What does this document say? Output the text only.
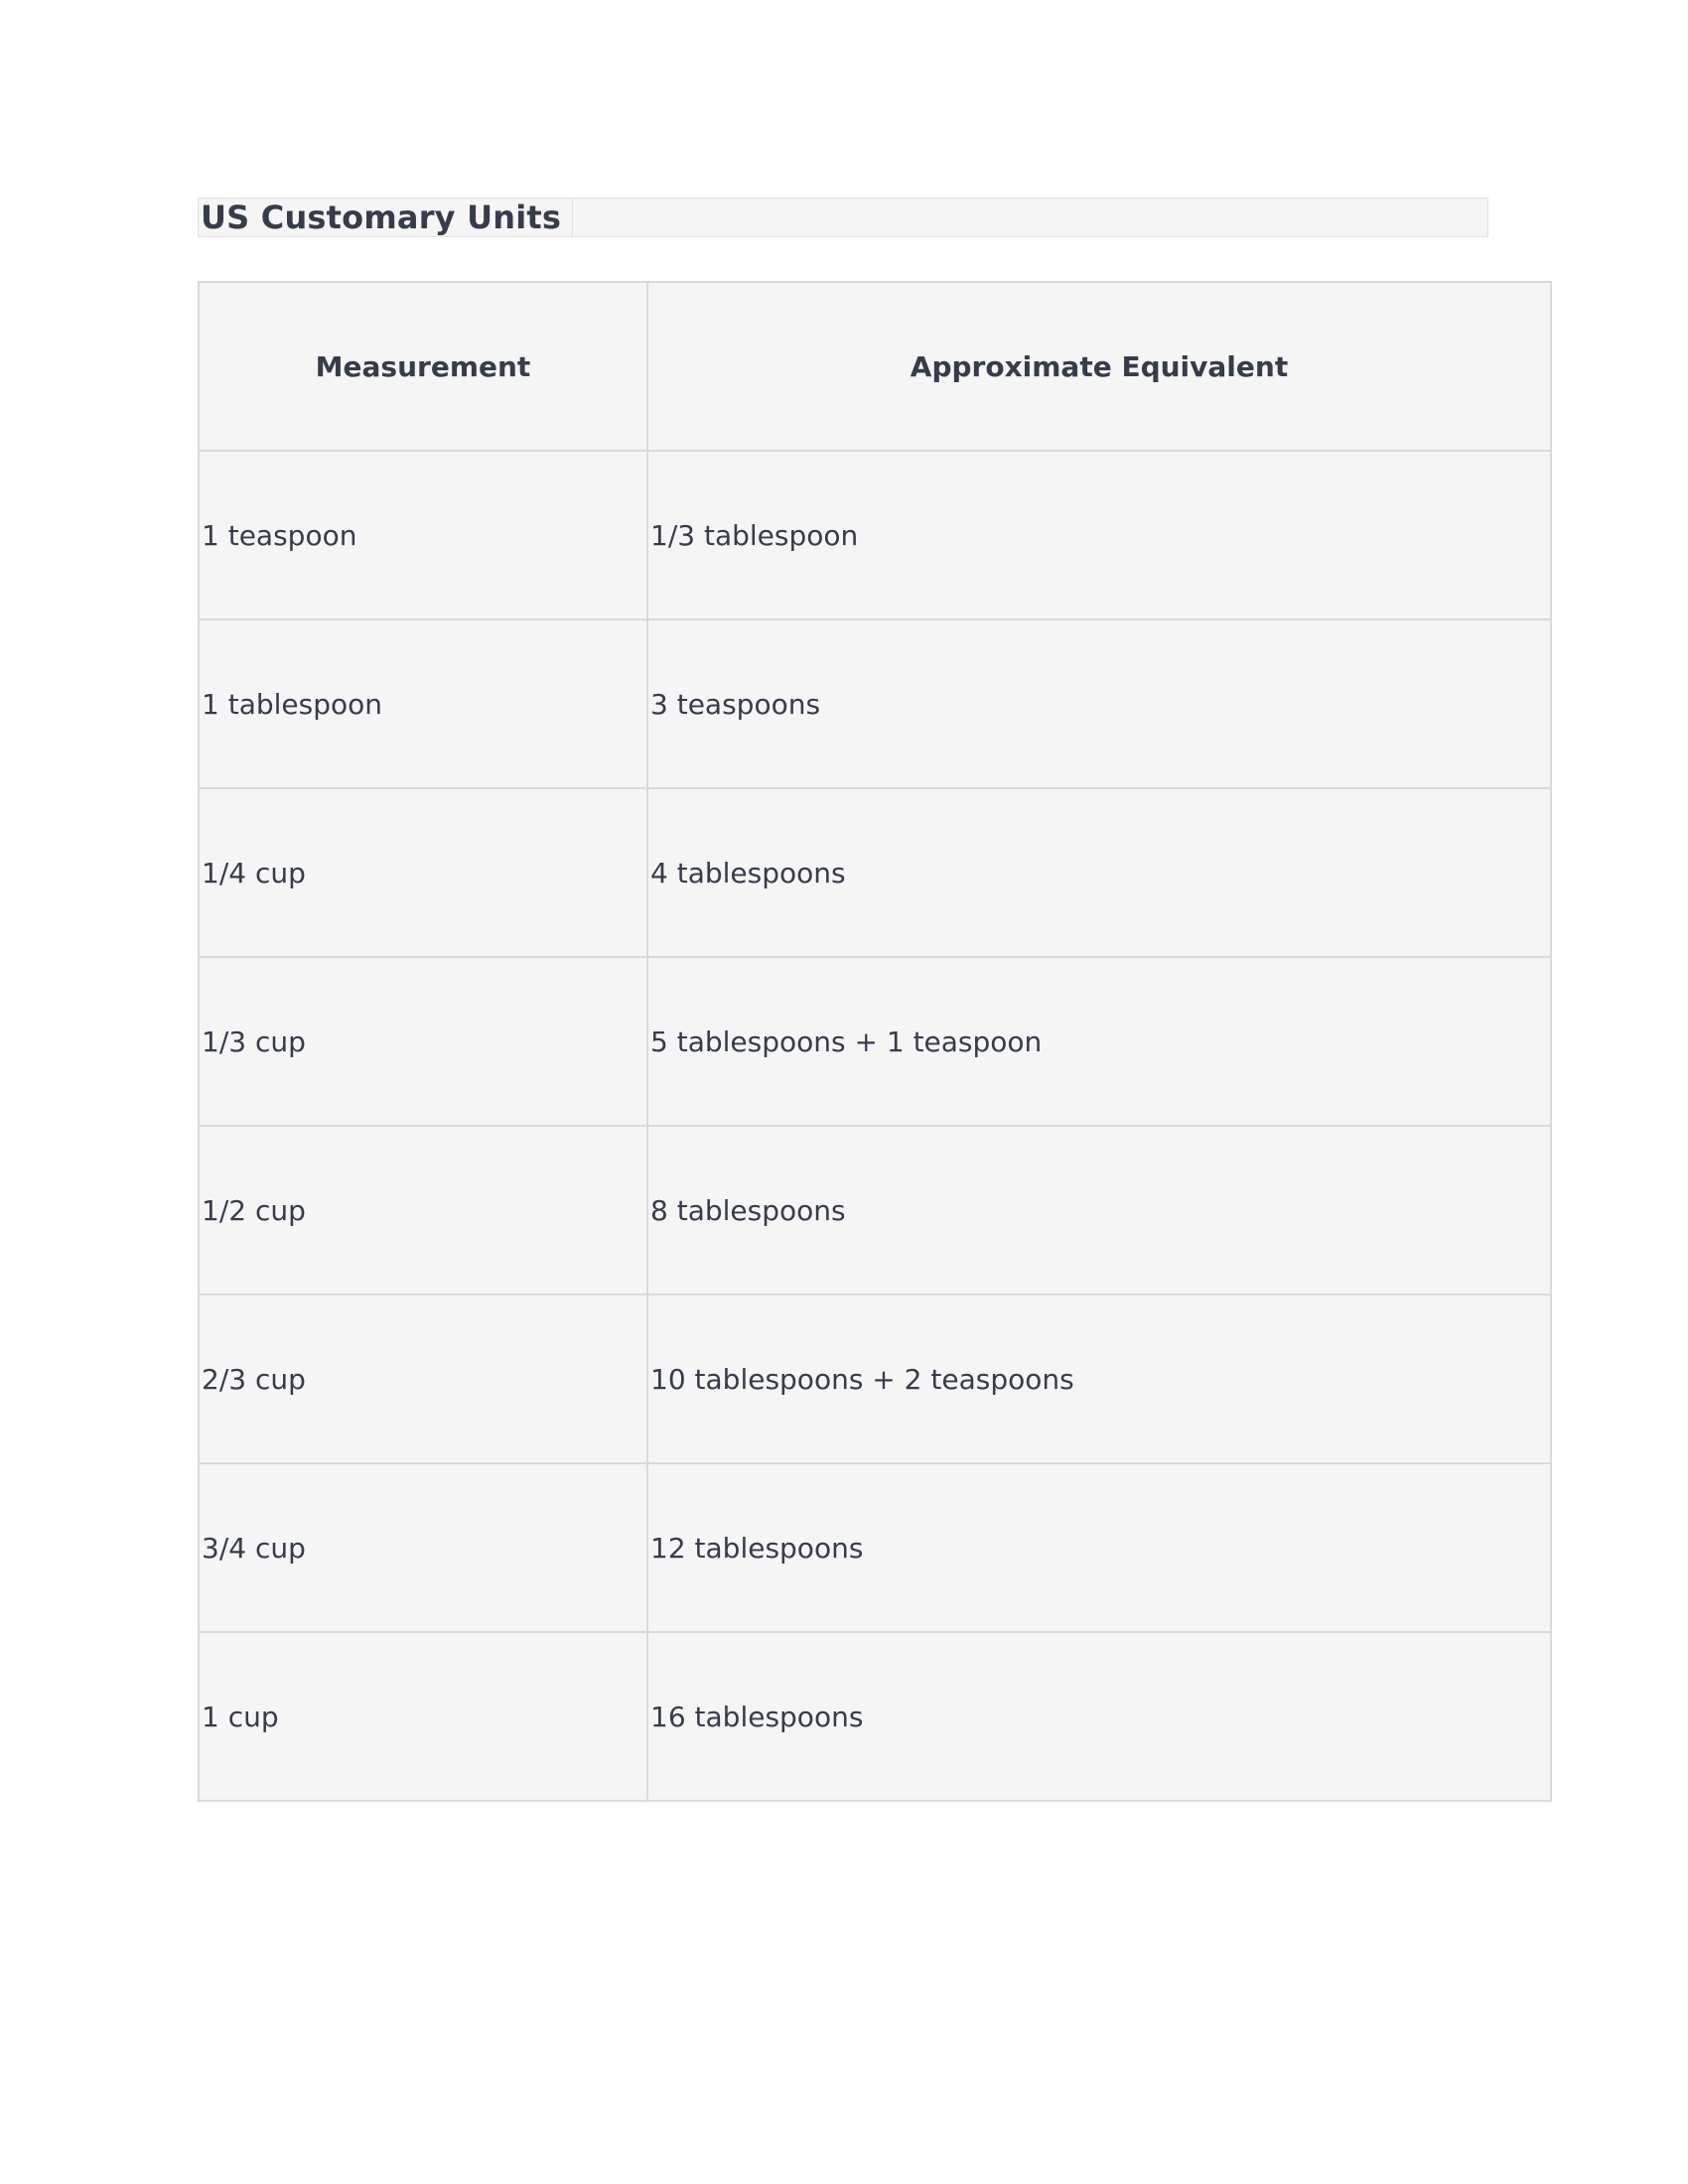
US Customary Units
Measurement	Approximate Equivalent
1 teaspoon	1/3 tablespoon
1 tablespoon	3 teaspoons
1/4 cup	4 tablespoons
1/3 cup	5 tablespoons + 1 teaspoon
1/2 cup	8 tablespoons
2/3 cup	10 tablespoons + 2 teaspoons
3/4 cup	12 tablespoons
1 cup	16 tablespoons
